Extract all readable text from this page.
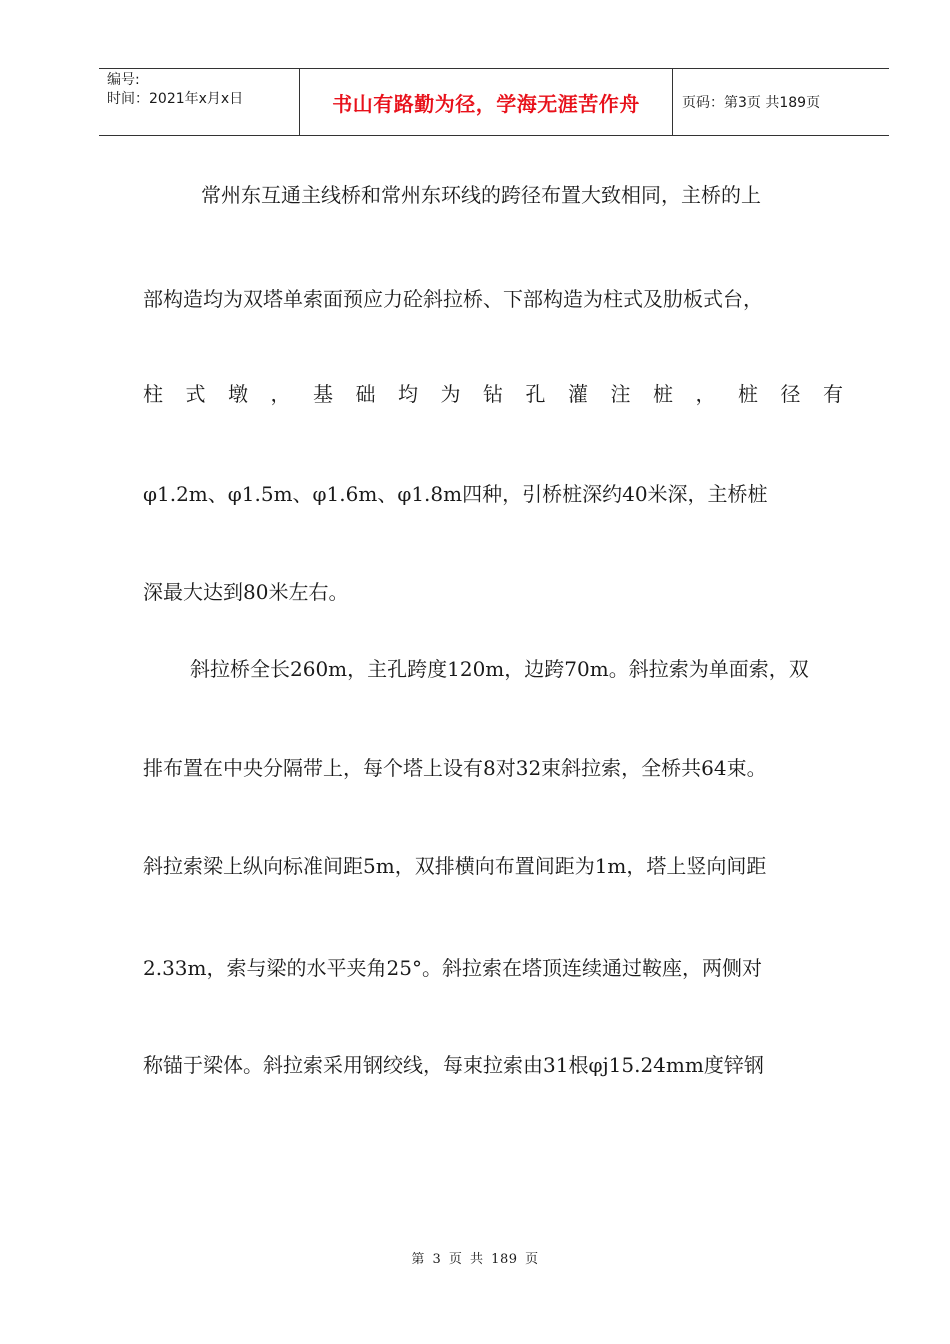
编号:
时间：2021年x月x日	书山有路勤为径，学海无涯苦作舟	页码：第3页 共189页
常州东互通主线桥和常州东环线的跨径布置大致相同，主桥的上
部构造均为双塔单索面预应力砼斜拉桥、下部构造为柱式及肋板式台，
柱 式 墩 ， 基 础 均 为 钻 孔 灌 注 桩 ， 桩 径 有
φ1.2m、φ1.5m、φ1.6m、φ1.8m四种，引桥桩深约40米深，主桥桩
深最大达到80米左右。
斜拉桥全长260m，主孔跨度120m，边跨70m。斜拉索为单面索，双
排布置在中央分隔带上，每个塔上设有8对32束斜拉索，全桥共64束。
斜拉索梁上纵向标准间距5m，双排横向布置间距为1m，塔上竖向间距
2.33m，索与梁的水平夹角25°。斜拉索在塔顶连续通过鞍座，两侧对
称锚于梁体。斜拉索采用钢绞线，每束拉索由31根φj15.24mm度锌钢
第 3 页 共 189 页
